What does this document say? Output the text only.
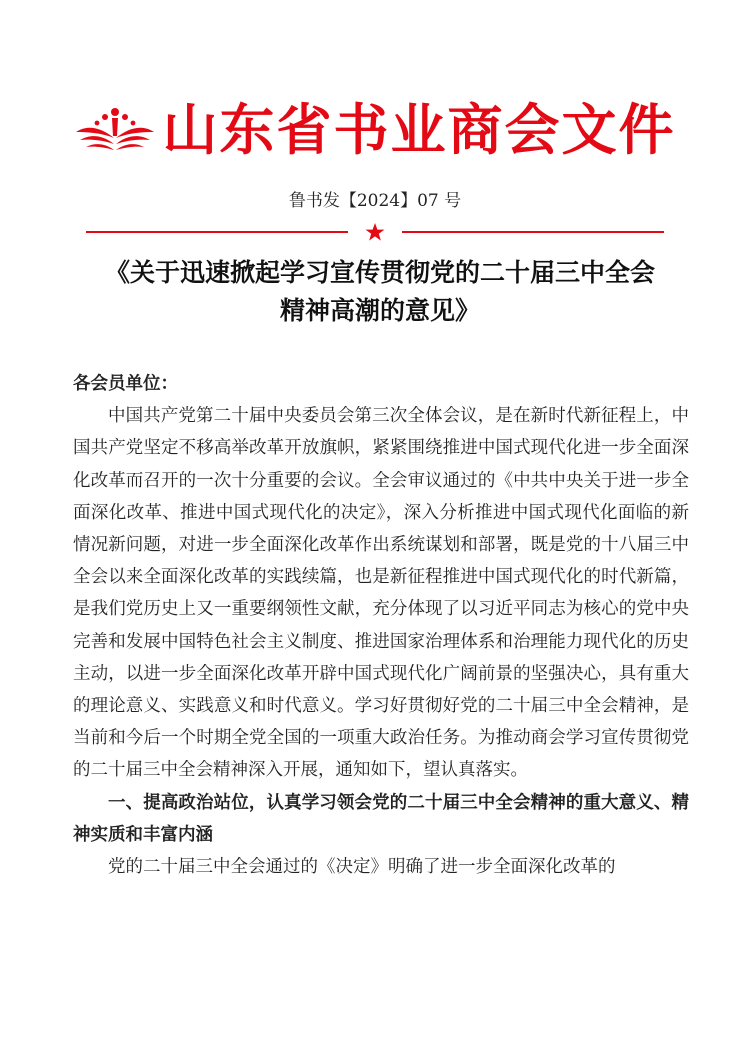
山东省书业商会文件
鲁书发【2024】07 号
《关于迅速掀起学习宣传贯彻党的二十届三中全会
精神高潮的意见》

各会员单位：

中国共产党第二十届中央委员会第三次全体会议，是在新时代新征程上，中国共产党坚定不移高举改革开放旗帜，紧紧围绕推进中国式现代化进一步全面深化改革而召开的一次十分重要的会议。全会审议通过的《中共中央关于进一步全面深化改革、推进中国式现代化的决定》，深入分析推进中国式现代化面临的新情况新问题，对进一步全面深化改革作出系统谋划和部署，既是党的十八届三中全会以来全面深化改革的实践续篇，也是新征程推进中国式现代化的时代新篇，是我们党历史上又一重要纲领性文献，充分体现了以习近平同志为核心的党中央完善和发展中国特色社会主义制度、推进国家治理体系和治理能力现代化的历史主动，以进一步全面深化改革开辟中国式现代化广阔前景的坚强决心，具有重大的理论意义、实践意义和时代意义。学习好贯彻好党的二十届三中全会精神，是当前和今后一个时期全党全国的一项重大政治任务。为推动商会学习宣传贯彻党的二十届三中全会精神深入开展，通知如下，望认真落实。

一、提高政治站位，认真学习领会党的二十届三中全会精神的重大意义、精神实质和丰富内涵

党的二十届三中全会通过的《决定》明确了进一步全面深化改革的
